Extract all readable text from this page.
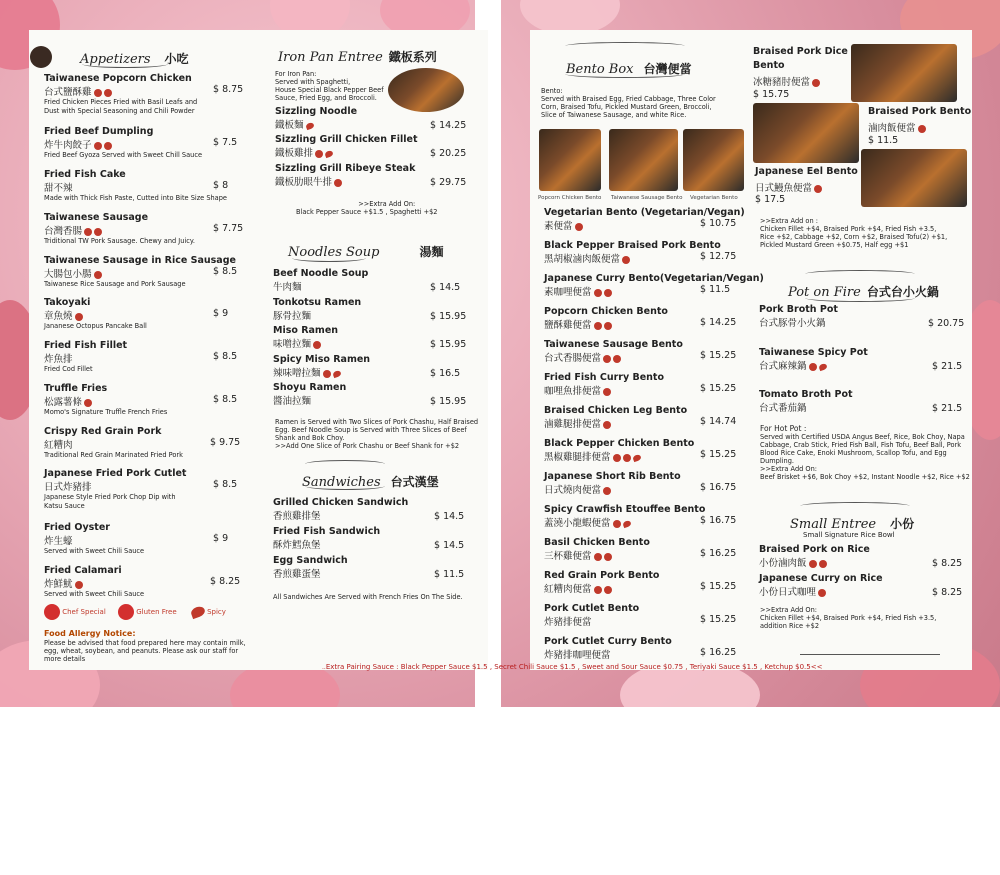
Appetizers 小吃
Chef Special	Gluten Free	Spicy
Food Allergy Notice:
Please be advised that food prepared here may contain milk,
egg, wheat, soybean, and peanuts. Please ask our staff for
more details
Iron Pan Entree 鐵板系列
For Iron Pan:
Served with Spaghetti,
House Special Black Pepper Beef
Sauce, Fried Egg, and Broccoli.
>>Extra Add On:
Black Pepper Sauce +$1.5 , Spaghetti +$2
Noodles Soup	湯麵
Ramen is Served with Two Slices of Pork Chashu, Half Braised
Egg. Beef Noodle Soup is Served with Three Slices of Beef
Shank and Bok Choy.
>>Add One Slice of Pork Chashu or Beef Shank for +$2
Sandwiches 台式漢堡
All Sandwiches Are Served with French Fries On The Side.
Bento Box 台灣便當
Bento:
Served with Braised Egg, Fried Cabbage, Three Color
Corn, Braised Tofu, Pickled Mustard Green, Broccoli,
Slice of Taiwanese Sausage, and white Rice.
Popcorn Chicken Bento Taiwanese Sausage Bento Vegetarian Bento
Braised Pork Dice
Bento
冰糖豬肘便當
$ 15.75
Braised Pork Bento
滷肉飯便當
$ 11.5
Japanese Eel Bento
日式鰻魚便當
$ 17.5
>>Extra Add on :
Chicken Fillet +$4, Braised Pork +$4, Fried Fish +3.5,
Rice +$2, Cabbage +$2, Corn +$2, Braised Tofu(2) +$1,
Pickled Mustard Green +$0.75, Half egg +$1
Pot on Fire 台式台小火鍋
For Hot Pot :
Served with Certified USDA Angus Beef, Rice, Bok Choy, Napa
Cabbage, Crab Stick, Fried Fish Ball, Fish Tofu, Beef Ball, Pork
Blood Rice Cake, Enoki Mushroom, Scallop Tofu, and Egg
Dumpling.
>>Extra Add On:
Beef Brisket +$6, Bok Choy +$2, Instant Noodle +$2, Rice +$2
Small Entree 小份
Small Signature Rice Bowl
>>Extra Add On:
Chicken Fillet +$4, Braised Pork +$4, Fried Fish +3.5,
addition Rice +$2
..Extra Pairing Sauce : Black Pepper Sauce $1.5 , Secret Chili Sauce $1.5 , Sweet and Sour Sauce $0.75 , Teriyaki Sauce $1.5 , Ketchup $0.5<<
Taiwanese Popcorn Chicken
台式鹽酥雞
Fried Chicken Pieces Fried with Basil Leafs and
Dust with Special Seasoning and Chili Powder
$ 8.75
Fried Beef Dumpling
炸牛肉餃子
Fried Beef Gyoza Served with Sweet Chill Sauce
$ 7.5
Fried Fish Cake
甜不辣
Made with Thick Fish Paste, Cutted into Bite Size Shape
$ 8
Taiwanese Sausage
台灣香腸
Triditional TW Pork Sausage. Chewy and Juicy.
$ 7.75
Taiwanese Sausage in Rice Sausage
大腸包小腸
Taiwanese Rice Sausage and Pork Sausage
$ 8.5
Takoyaki
章魚燒
Jananese Octopus Pancake Ball
$ 9
Fried Fish Fillet
炸魚排
Fried Cod Fillet
$ 8.5
Truffle Fries
松露薯條
Momo's Signature Truffle French Fries
$ 8.5
Crispy Red Grain Pork
紅糟肉
Traditional Red Grain Marinated Fried Pork
$ 9.75
Japanese Fried Pork Cutlet
日式炸豬排
Japanese Style Fried Pork Chop Dip with
Katsu Sauce
$ 8.5
Fried Oyster
炸生蠔
Served with Sweet Chili Sauce
$ 9
Fried Calamari
炸鮮魷
Served with Sweet Chili Sauce
$ 8.25
Sizzling Noodle
鐵板麵	$ 14.25
Sizzling Grill Chicken Fillet
鐵板雞排	$ 20.25
Sizzling Grill Ribeye Steak
鐵板肋眼牛排	$ 29.75
Beef Noodle Soup
牛肉麵	$ 14.5
Tonkotsu Ramen
豚骨拉麵	$ 15.95
Miso Ramen
味噌拉麵	$ 15.95
Spicy Miso Ramen
辣味噌拉麵	$ 16.5
Shoyu Ramen
醬油拉麵	$ 15.95
Grilled Chicken Sandwich
香煎雞排堡	$ 14.5
Fried Fish Sandwich
酥炸鱈魚堡	$ 14.5
Egg Sandwich
香煎雞蛋堡	$ 11.5
Vegetarian Bento (Vegetarian/Vegan)
素便當	$ 10.75
Black Pepper Braised Pork Bento
黑胡椒滷肉飯便當	$ 12.75
Japanese Curry Bento(Vegetarian/Vegan)
素咖哩便當	$ 11.5
Popcorn Chicken Bento
鹽酥雞便當	$ 14.25
Taiwanese Sausage Bento
台式香腸便當	$ 15.25
Fried Fish Curry Bento
咖哩魚排便當	$ 15.25
Braised Chicken Leg Bento
滷雞腿排便當	$ 14.74
Black Pepper Chicken Bento
黑椒雞腿排便當	$ 15.25
Japanese Short Rib Bento
日式燒肉便當	$ 16.75
Spicy Crawfish Etouffee Bento
蓋澆小龍蝦便當	$ 16.75
Basil Chicken Bento
三杯雞便當	$ 16.25
Red Grain Pork Bento
紅糟肉便當	$ 15.25
Pork Cutlet Bento
炸豬排便當	$ 15.25
Pork Cutlet Curry Bento
炸豬排咖哩便當	$ 16.25
Pork Broth Pot
台式豚骨小火鍋	$ 20.75
Taiwanese Spicy Pot
台式麻辣鍋	$ 21.5
Tomato Broth Pot
台式番茄鍋	$ 21.5
Braised Pork on Rice
小份滷肉飯	$ 8.25
Japanese Curry on Rice
小份日式咖哩	$ 8.25
